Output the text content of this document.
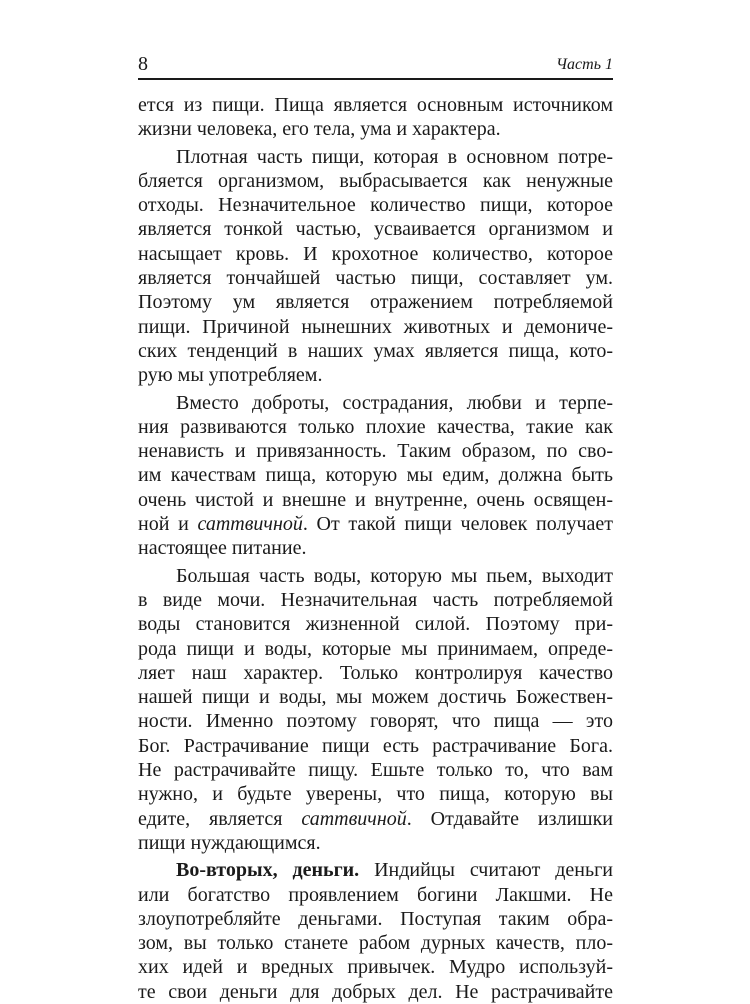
8	Часть 1
ется из пищи. Пища является основным источником
жизни человека, его тела, ума и характера.
Плотная часть пищи, которая в основном потре-
бляется организмом, выбрасывается как ненужные
отходы. Незначительное количество пищи, которое
является тонкой частью, усваивается организмом и
насыщает кровь. И крохотное количество, которое
является тончайшей частью пищи, составляет ум.
Поэтому ум является отражением потребляемой
пищи. Причиной нынешних животных и демониче-
ских тенденций в наших умах является пища, кото-
рую мы употребляем.
Вместо доброты, сострадания, любви и терпе-
ния развиваются только плохие качества, такие как
ненависть и привязанность. Таким образом, по сво-
им качествам пища, которую мы едим, должна быть
очень чистой и внешне и внутренне, очень освящен-
ной и саттвичной. От такой пищи человек получает
настоящее питание.
Большая часть воды, которую мы пьем, выходит
в виде мочи. Незначительная часть потребляемой
воды становится жизненной силой. Поэтому при-
рода пищи и воды, которые мы принимаем, опреде-
ляет наш характер. Только контролируя качество
нашей пищи и воды, мы можем достичь Божествен-
ности. Именно поэтому говорят, что пища — это
Бог. Растрачивание пищи есть растрачивание Бога.
Не растрачивайте пищу. Ешьте только то, что вам
нужно, и будьте уверены, что пища, которую вы
едите, является саттвичной. Отдавайте излишки
пищи нуждающимся.
Во-вторых, деньги. Индийцы считают деньги
или богатство проявлением богини Лакшми. Не
злоупотребляйте деньгами. Поступая таким обра-
зом, вы только станете рабом дурных качеств, пло-
хих идей и вредных привычек. Мудро используй-
те свои деньги для добрых дел. Не растрачивайте
